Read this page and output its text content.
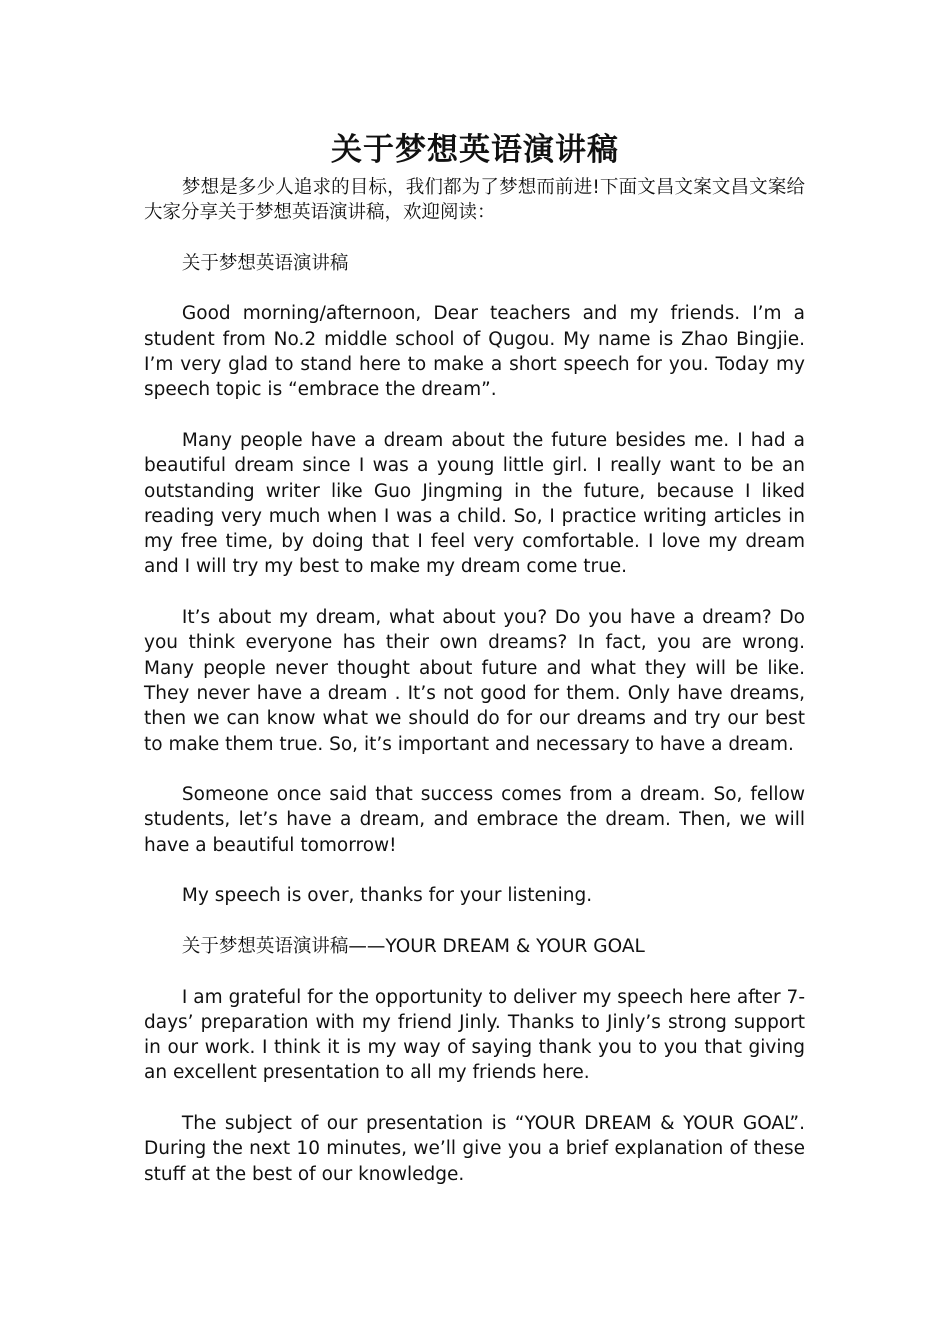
关于梦想英语演讲稿

梦想是多少人追求的目标，我们都为了梦想而前进!下面文昌文案文昌文案给大家分享关于梦想英语演讲稿，欢迎阅读：

关于梦想英语演讲稿

Good morning/afternoon, Dear teachers and my friends. I’m a student from No.2 middle school of Qugou. My name is Zhao Bingjie. I’m very glad to stand here to make a short speech for you. Today my speech topic is “embrace the dream”.

Many people have a dream about the future besides me. I had a beautiful dream since I was a young little girl. I really want to be an outstanding writer like Guo Jingming in the future, because I liked reading very much when I was a child. So, I practice writing articles in my free time, by doing that I feel very comfortable. I love my dream and I will try my best to make my dream come true.

It’s about my dream, what about you? Do you have a dream? Do you think everyone has their own dreams? In fact, you are wrong. Many people never thought about future and what they will be like. They never have a dream . It’s not good for them. Only have dreams, then we can know what we should do for our dreams and try our best to make them true. So, it’s important and necessary to have a dream.

Someone once said that success comes from a dream. So, fellow students, let’s have a dream, and embrace the dream. Then, we will have a beautiful tomorrow!

My speech is over, thanks for your listening.

关于梦想英语演讲稿——YOUR DREAM & YOUR GOAL

I am grateful for the opportunity to deliver my speech here after 7-days’ preparation with my friend Jinly. Thanks to Jinly’s strong support in our work. I think it is my way of saying thank you to you that giving an excellent presentation to all my friends here.

The subject of our presentation is “YOUR DREAM & YOUR GOAL”. During the next 10 minutes, we’ll give you a brief explanation of these stuff at the best of our knowledge.
